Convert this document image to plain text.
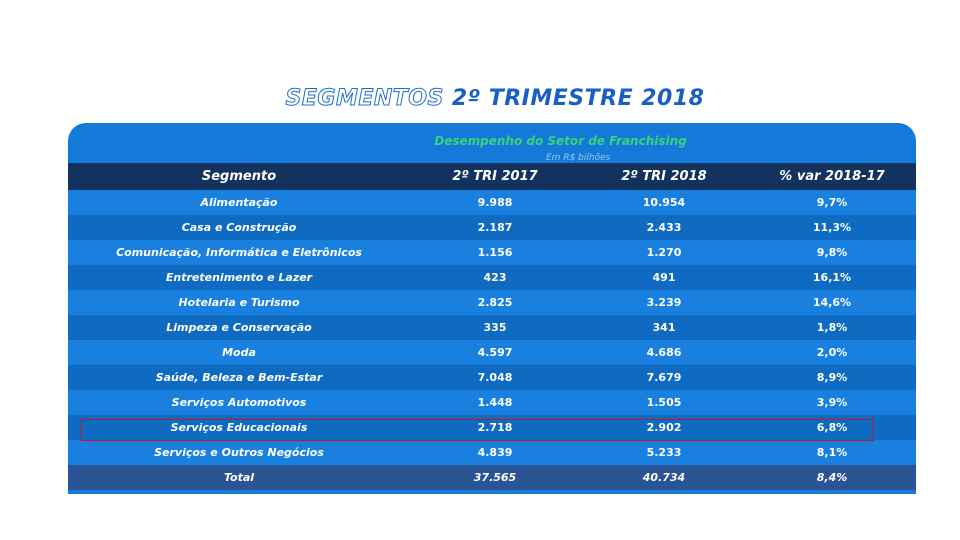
SEGMENTOS 2º TRIMESTRE 2018
Desempenho do Setor de Franchising
Em R$ bilhões
Segmento	2º TRI 2017	2º TRI 2018	% var 2018-17
Alimentação	9.988	10.954	9,7%
Casa e Construção	2.187	2.433	11,3%
Comunicação, Informática e Eletrônicos	1.156	1.270	9,8%
Entretenimento e Lazer	423	491	16,1%
Hotelaria e Turismo	2.825	3.239	14,6%
Limpeza e Conservação	335	341	1,8%
Moda	4.597	4.686	2,0%
Saúde, Beleza e Bem-Estar	7.048	7.679	8,9%
Serviços Automotivos	1.448	1.505	3,9%
Serviços Educacionais	2.718	2.902	6,8%
Serviços e Outros Negócios	4.839	5.233	8,1%
Total	37.565	40.734	8,4%
